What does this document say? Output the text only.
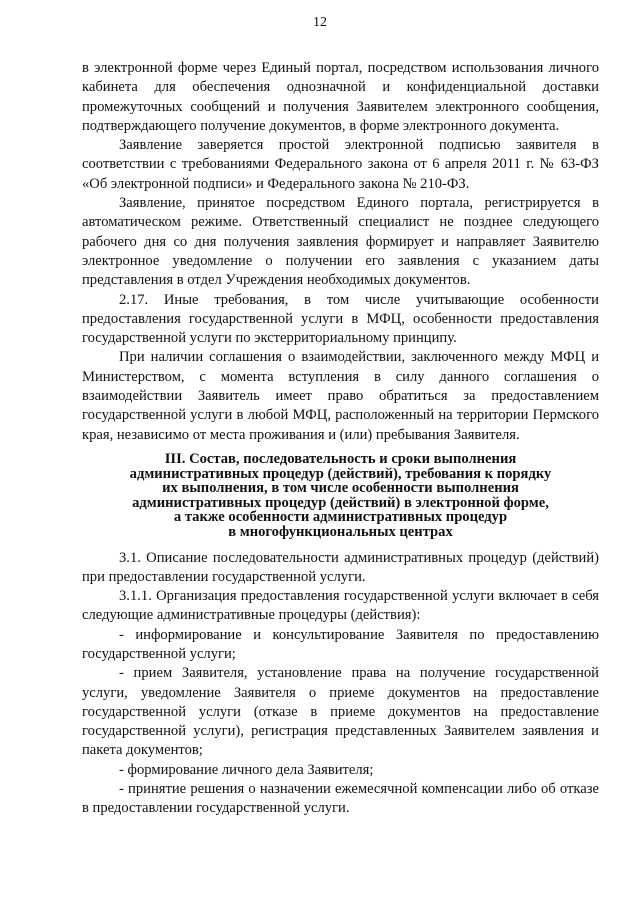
12

в электронной форме через Единый портал, посредством использования личного кабинета для обеспечения однозначной и конфиденциальной доставки промежуточных сообщений и получения Заявителем электронного сообщения, подтверждающего получение документов, в форме электронного документа.

Заявление заверяется простой электронной подписью заявителя в соответствии с требованиями Федерального закона от 6 апреля 2011 г. № 63-ФЗ «Об электронной подписи» и Федерального закона № 210-ФЗ.

Заявление, принятое посредством Единого портала, регистрируется в автоматическом режиме. Ответственный специалист не позднее следующего рабочего дня со дня получения заявления формирует и направляет Заявителю электронное уведомление о получении его заявления с указанием даты представления в отдел Учреждения необходимых документов.

2.17. Иные требования, в том числе учитывающие особенности предоставления государственной услуги в МФЦ, особенности предоставления государственной услуги по экстерриториальному принципу.

При наличии соглашения о взаимодействии, заключенного между МФЦ и Министерством, с момента вступления в силу данного соглашения о взаимодействии Заявитель имеет право обратиться за предоставлением государственной услуги в любой МФЦ, расположенный на территории Пермского края, независимо от места проживания и (или) пребывания Заявителя.

III. Состав, последовательность и сроки выполнения
административных процедур (действий), требования к порядку
их выполнения, в том числе особенности выполнения
административных процедур (действий) в электронной форме,
а также особенности административных процедур
в многофункциональных центрах

3.1. Описание последовательности административных процедур (действий) при предоставлении государственной услуги.

3.1.1. Организация предоставления государственной услуги включает в себя следующие административные процедуры (действия):

- информирование и консультирование Заявителя по предоставлению государственной услуги;

- прием Заявителя, установление права на получение государственной услуги, уведомление Заявителя о приеме документов на предоставление государственной услуги (отказе в приеме документов на предоставление государственной услуги), регистрация представленных Заявителем заявления и пакета документов;

- формирование личного дела Заявителя;

- принятие решения о назначении ежемесячной компенсации либо об отказе в предоставлении государственной услуги.
